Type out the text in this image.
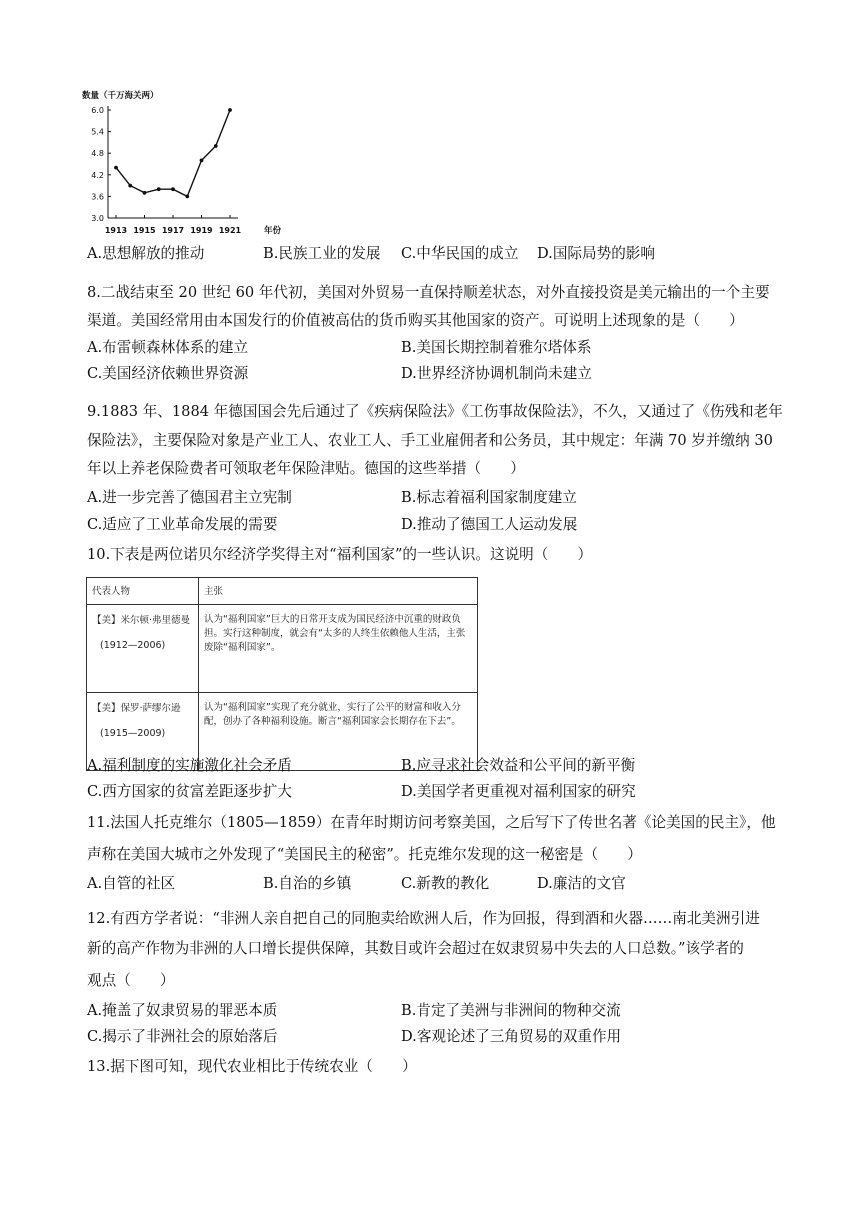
数量（千万海关两）
3.0
3.6
4.2
4.8
5.4
6.0
1913 1915 1917 1919 1921	年份
A.思想解放的推动	B.民族工业的发展 C.中华民国的成立 D.国际局势的影响
8.二战结束至 20 世纪 60 年代初，美国对外贸易一直保持顺差状态，对外直接投资是美元输出的一个主要
渠道。美国经常用由本国发行的价值被高估的货币购买其他国家的资产。可说明上述现象的是（　　）
A.布雷顿森林体系的建立	B.美国长期控制着雅尔塔体系
C.美国经济依赖世界资源	D.世界经济协调机制尚未建立
9.1883 年、1884 年德国国会先后通过了《疾病保险法》《工伤事故保险法》，不久，又通过了《伤残和老年
保险法》，主要保险对象是产业工人、农业工人、手工业雇佣者和公务员，其中规定：年满 70 岁并缴纳 30
年以上养老保险费者可领取老年保险津贴。德国的这些举措（　　）
A.进一步完善了德国君主立宪制	B.标志着福利国家制度建立
C.适应了工业革命发展的需要	D.推动了德国工人运动发展
10.下表是两位诺贝尔经济学奖得主对“福利国家”的一些认识。这说明（　　）
代表人物	主张
【美】米尔顿·弗里德曼
(1912—2006)	认为“福利国家”巨大的日常开支成为国民经济中沉重的财政负担。实行这种制度，就会有“太多的人终生依赖他人生活，主张废除“福利国家”。
【美】保罗·萨缪尔逊
(1915—2009)	认为“福利国家”实现了充分就业，实行了公平的财富和收入分配，创办了各种福利设施。断言“福利国家会长期存在下去”。
A.福利制度的实施激化社会矛盾	B.应寻求社会效益和公平间的新平衡
C.西方国家的贫富差距逐步扩大	D.美国学者更重视对福利国家的研究
11.法国人托克维尔（1805—1859）在青年时期访问考察美国，之后写下了传世名著《论美国的民主》，他
声称在美国大城市之外发现了“美国民主的秘密”。托克维尔发现的这一秘密是（　　）
A.自管的社区	B.自治的乡镇	C.新教的教化	D.廉洁的文官
12.有西方学者说：“非洲人亲自把自己的同胞卖给欧洲人后，作为回报，得到酒和火器……南北美洲引进
新的高产作物为非洲的人口增长提供保障，其数目或许会超过在奴隶贸易中失去的人口总数。”该学者的
观点（　　）
A.掩盖了奴隶贸易的罪恶本质	B.肯定了美洲与非洲间的物种交流
C.揭示了非洲社会的原始落后	D.客观论述了三角贸易的双重作用
13.据下图可知，现代农业相比于传统农业（　　）
